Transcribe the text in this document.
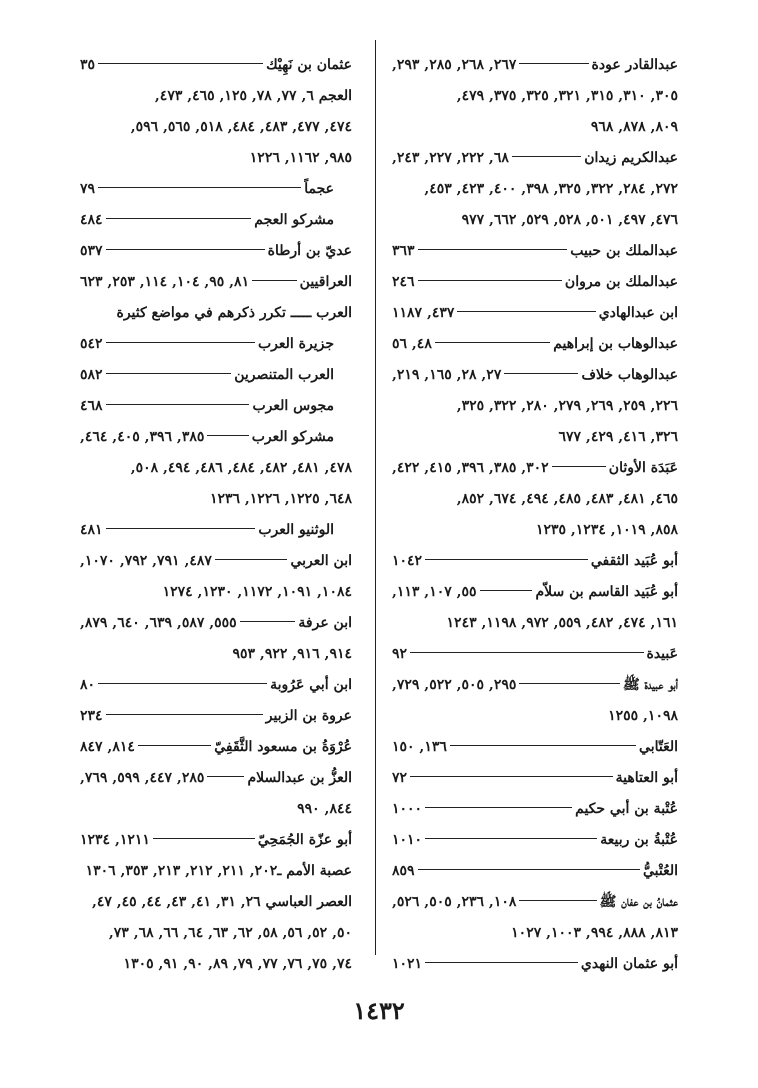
عبدالقادر عودة
٢٦٧, ٢٦٨, ٢٨٥, ٢٩٣,
٣٠٥, ٣١٠, ٣١٥, ٣٢١, ٣٢٥, ٣٧٥, ٤٧٩,
٨٠٩, ٨٧٨, ٩٦٨
عبدالكريم زيدان
٦٨, ٢٢٢, ٢٢٧, ٢٤٣,
٢٧٢, ٢٨٤, ٣٢٢, ٣٢٥, ٣٩٨, ٤٠٠, ٤٢٣, ٤٥٣,
٤٧٦, ٤٩٧, ٥٠١, ٥٢٨, ٥٢٩, ٦٦٢, ٩٧٧
عبدالملك بن حبيب
٣٦٣
عبدالملك بن مروان
٢٤٦
ابن عبدالهادي
٤٣٧, ١١٨٧
عبدالوهاب بن إبراهيم
٤٨, ٥٦
عبدالوهاب خلاف
٢٧, ٢٨, ١٦٥, ٢١٩,
٢٢٦, ٢٥٩, ٢٦٩, ٢٧٩, ٢٨٠, ٣٢٢, ٣٢٥,
٣٢٦, ٤١٦, ٤٢٩, ٦٧٧
عَبَدَة الأوثان
٣٠٢, ٣٨٥, ٣٩٦, ٤١٥, ٤٢٢,
٤٦٥, ٤٨١, ٤٨٣, ٤٨٥, ٤٩٤, ٦٧٤, ٨٥٢,
٨٥٨, ١٠١٩, ١٢٣٤, ١٢٣٥
أبو عُبَيد الثقفي
١٠٤٢
أبو عُبَيد القاسم بن سلاّم
٥٥, ١٠٧, ١١٣,
١٦١, ٤٧٤, ٤٨٢, ٥٥٩, ٩٧٢, ١١٩٨, ١٢٤٣
عَبيدة
٩٢
أبو عبيدة ﷺ
٢٩٥, ٥٠٥, ٥٢٢, ٧٢٩,
١٠٩٨, ١٢٥٥
العَتّابي
١٣٦, ١٥٠
أبو العتاهية
٧٢
عُتْبة بن أبي حكيم
١٠٠٠
عُتْبةُ بن ربيعة
١٠١٠
العُتْبيُّ
٨٥٩
عثمانُ بن عفان ﷺ
١٠٨, ٢٣٦, ٥٠٥, ٥٢٦,
٨١٣, ٨٨٨, ٩٩٤, ١٠٠٣, ١٠٢٧
أبو عثمان النهدي
١٠٢١
عثمان بن نَهِيْك
٣٥
العجم ٦, ٧٧, ٧٨, ١٢٥, ٤٦٥, ٤٧٣,
٤٧٤, ٤٧٧, ٤٨٣, ٤٨٤, ٥١٨, ٥٦٥, ٥٩٦,
٩٨٥, ١١٦٢, ١٢٢٦
عجماً
٧٩
مشركو العجم
٤٨٤
عديّ بن أرطاة
٥٣٧
العراقيين
٨١, ٩٥, ١٠٤, ١١٤, ٢٥٣, ٦٢٣
العرب ـــــ تكرر ذكرهم في مواضع كثيرة
جزيرة العرب
٥٤٢
العرب المتنصرين
٥٨٢
مجوس العرب
٤٦٨
مشركو العرب
٣٨٥, ٣٩٦, ٤٠٥, ٤٦٤,
٤٧٨, ٤٨١, ٤٨٢, ٤٨٤, ٤٨٦, ٤٩٤, ٥٠٨,
٦٤٨, ١٢٢٥, ١٢٢٦, ١٢٣٦
الوثنيو العرب
٤٨١
ابن العربي
٤٨٧, ٧٩١, ٧٩٢, ١٠٧٠,
١٠٨٤, ١٠٩١, ١١٧٢, ١٢٣٠, ١٢٧٤
ابن عرفة
٥٥٥, ٥٨٧, ٦٣٩, ٦٤٠, ٨٧٩,
٩١٤, ٩١٦, ٩٢٢, ٩٥٣
ابن أبي عَرُوبة
٨٠
عروة بن الزبير
٢٣٤
عُرْوَةُ بن مسعود الثَّقَفِيّ
٨١٤, ٨٤٧
العزُّ بن عبدالسلام
٢٨٥, ٤٤٧, ٥٩٩, ٧٦٩,
٨٤٤, ٩٩٠
أبو عزّة الجُمَحِيّ
١٢١١, ١٢٣٤
عصبة الأمم ـ٢٠٢, ٢١١, ٢١٢, ٢١٣, ٣٥٣, ١٣٠٦
العصر العباسي ٢٦, ٣١, ٤١, ٤٣, ٤٤, ٤٥, ٤٧,
٥٠, ٥٢, ٥٦, ٥٨, ٦٢, ٦٣, ٦٤, ٦٦, ٦٨, ٧٣,
٧٤, ٧٥, ٧٦, ٧٧, ٧٩, ٨٩, ٩٠, ٩١, ١٣٠٥
١٤٣٢
